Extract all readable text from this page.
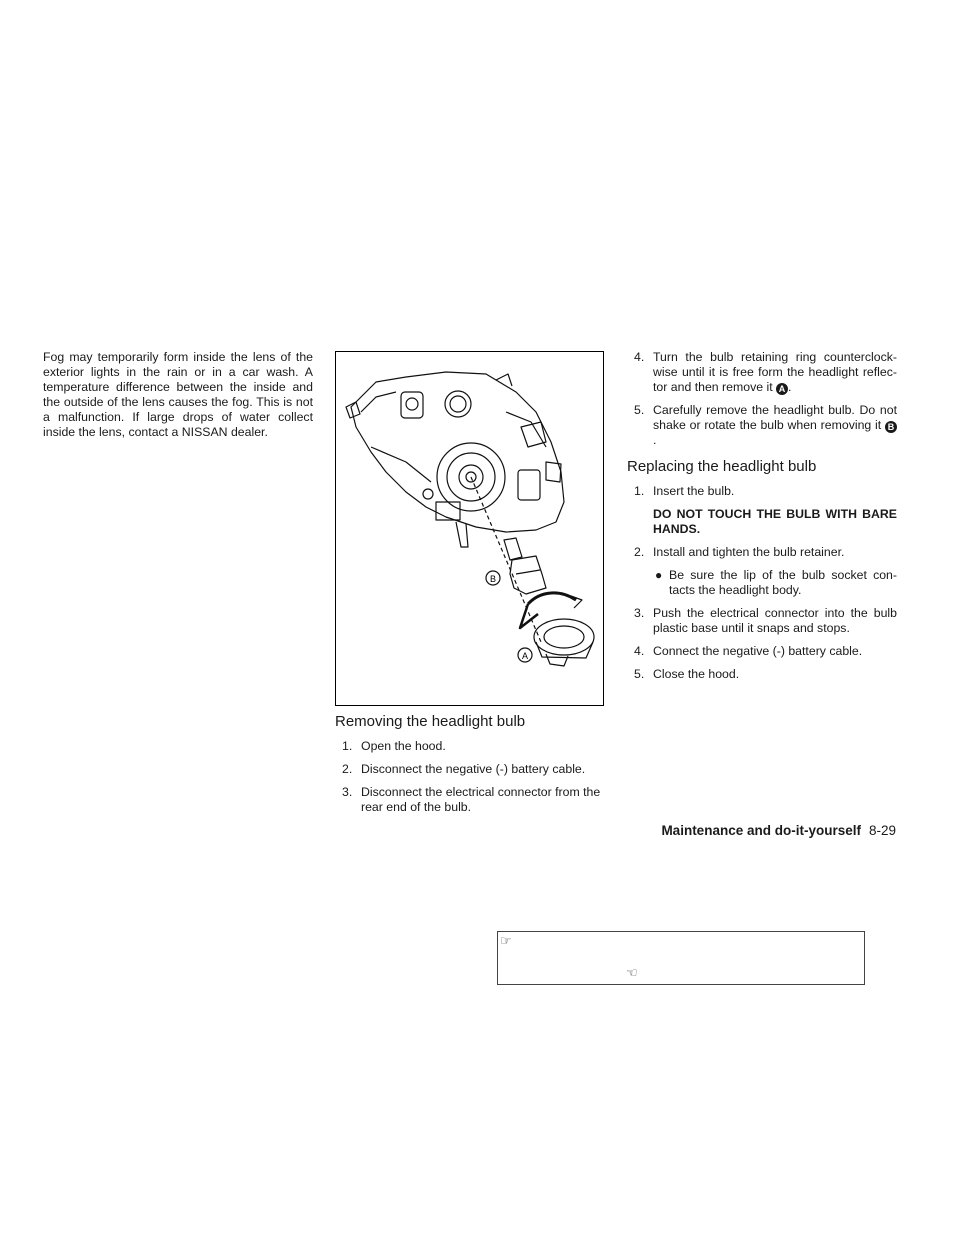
Fog may temporarily form inside the lens of the exterior lights in the rain or in a car wash. A temperature difference between the inside and the outside of the lens causes the fog. This is not a malfunction. If large drops of water collect inside the lens, contact a NISSAN dealer.
B
A
Removing the headlight bulb
1. Open the hood.
2. Disconnect the negative (-) battery cable.
3. Disconnect the electrical connector from the rear end of the bulb.
4. Turn the bulb retaining ring counterclock-wise until it is free form the headlight reflec-tor and then remove it A .
5. Carefully remove the headlight bulb. Do not shake or rotate the bulb when removing it B.
Replacing the headlight bulb
1. Insert the bulb.
DO NOT TOUCH THE BULB WITH BARE HANDS.
2. Install and tighten the bulb retainer.
● Be sure the lip of the bulb socket con-tacts the headlight body.
3. Push the electrical connector into the bulb plastic base until it snaps and stops.
4. Connect the negative (-) battery cable.
5. Close the hood.
Maintenance and do-it-yourself 8-29
☞
☜
